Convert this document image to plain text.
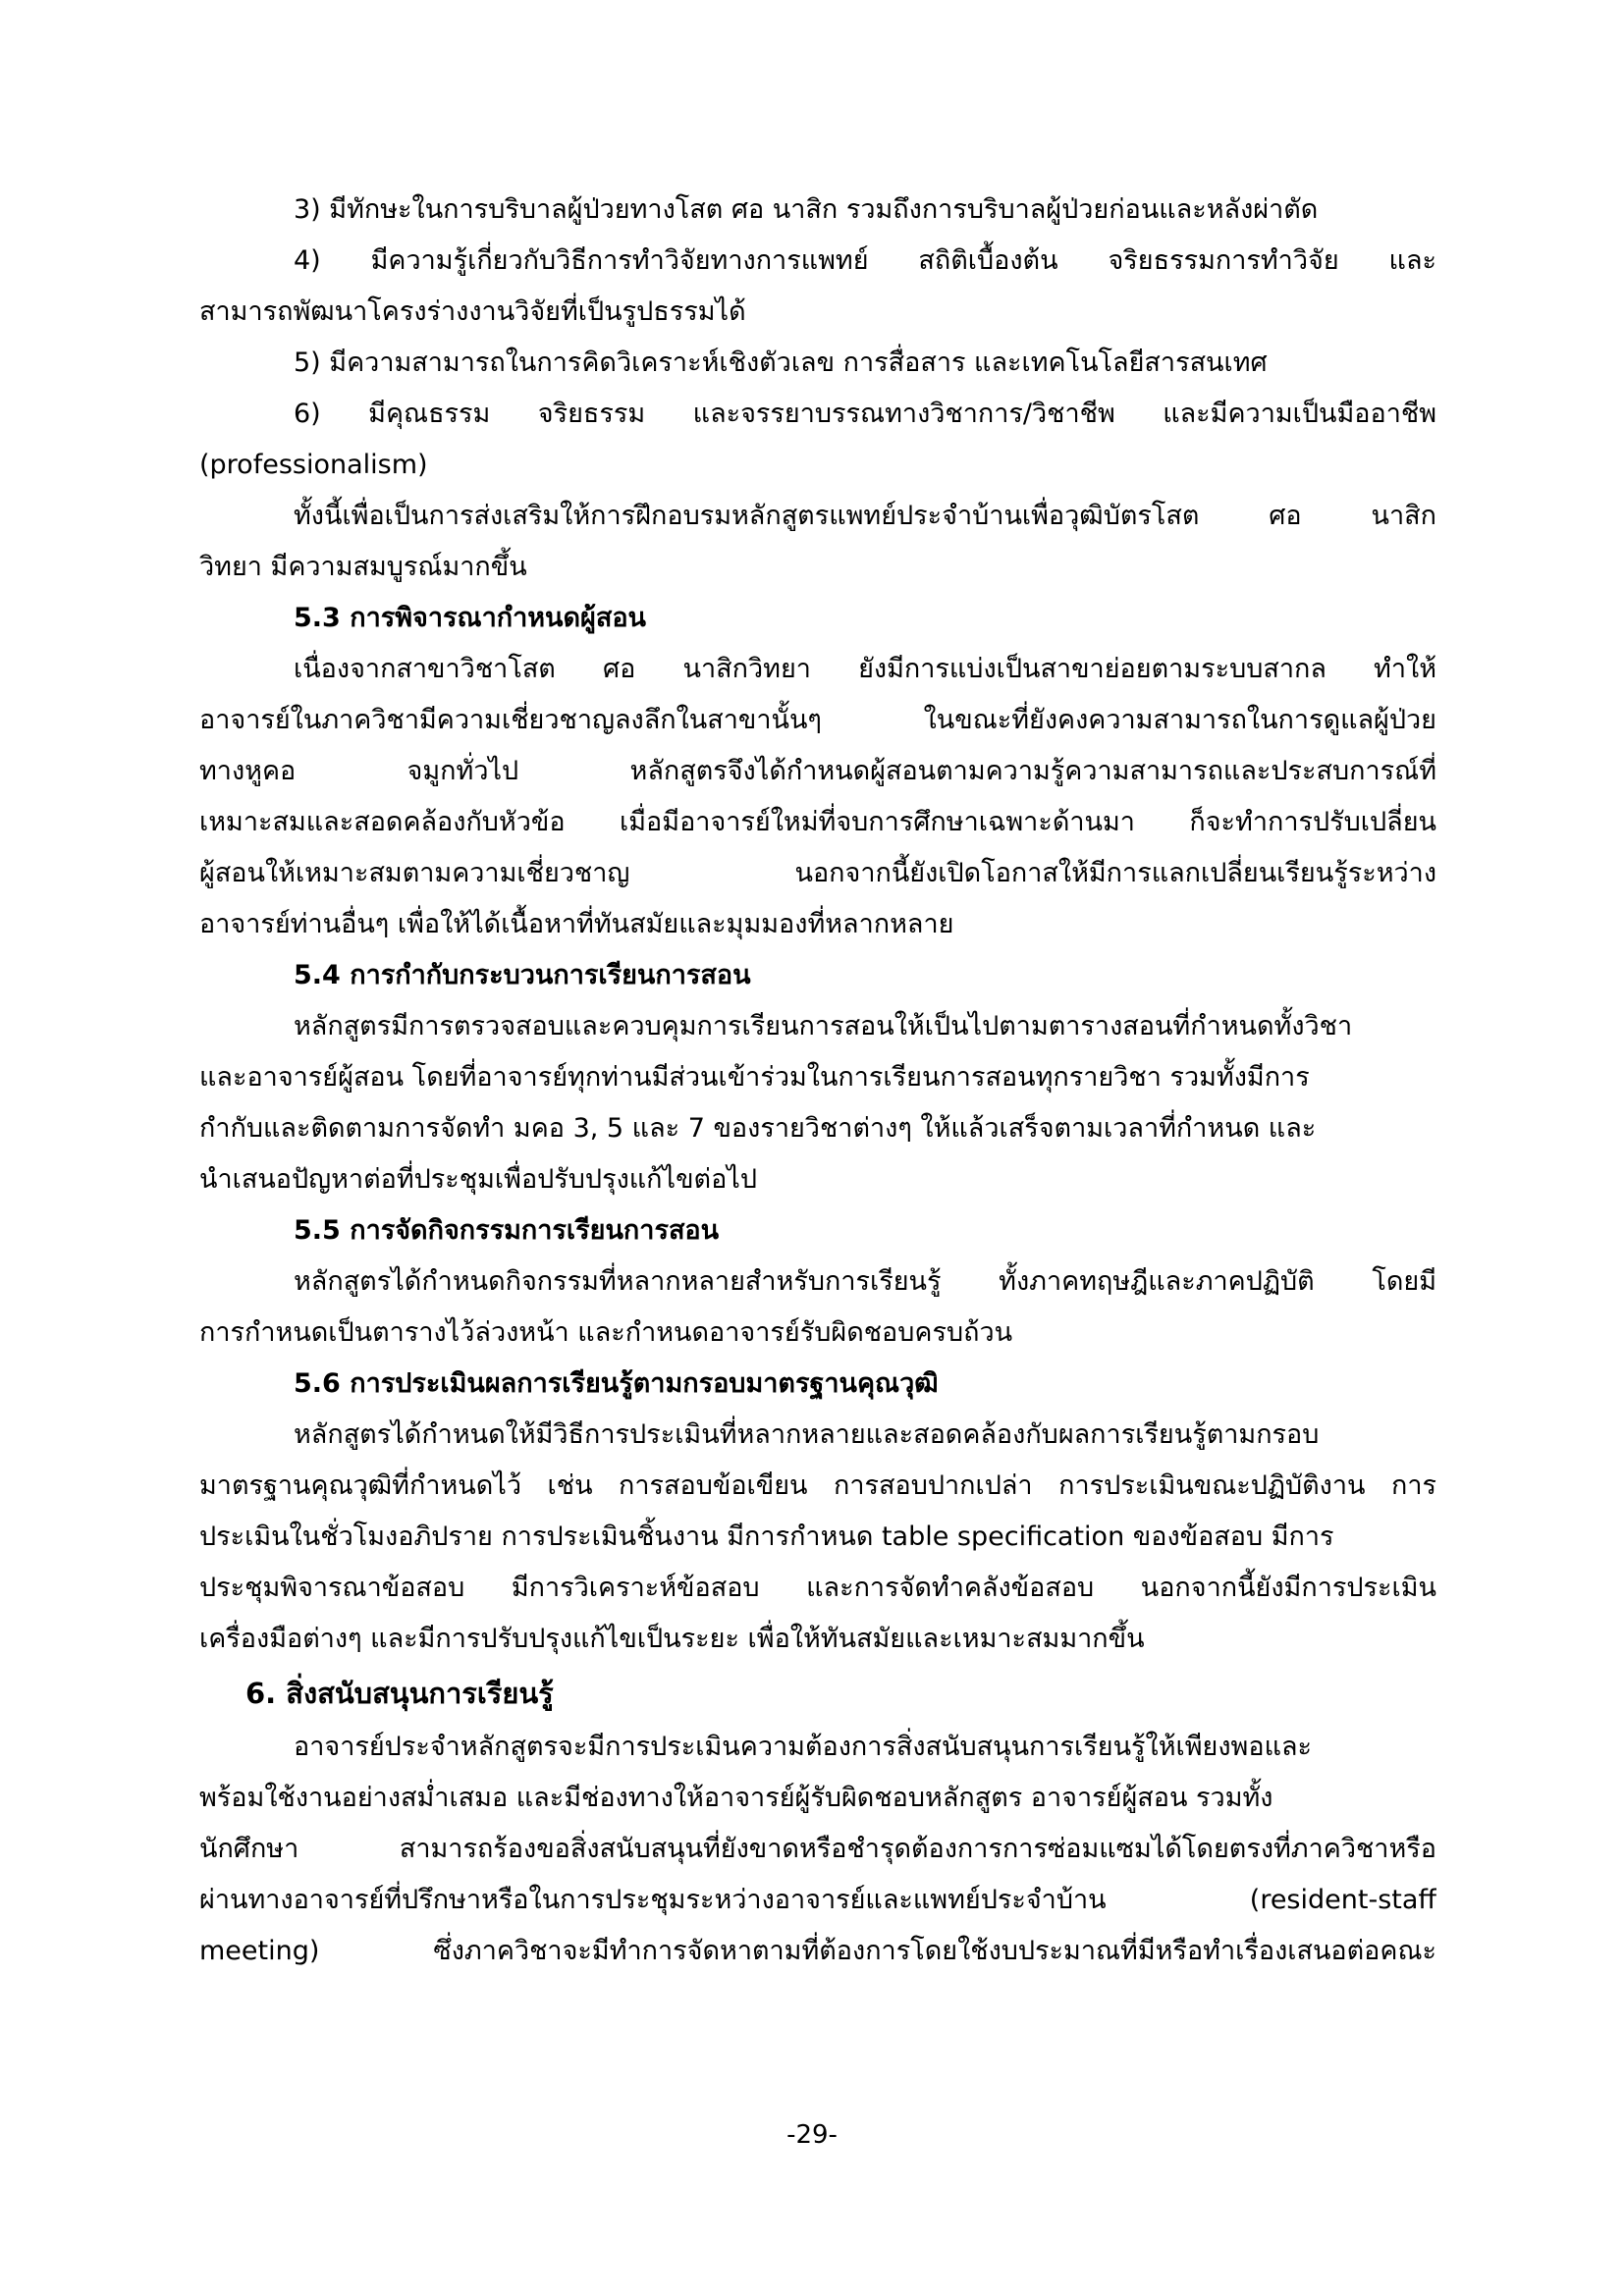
3) มีทักษะในการบริบาลผู้ป่วยทางโสต ศอ นาสิก รวมถึงการบริบาลผู้ป่วยก่อนและหลังผ่าตัด
4) มีความรู้เกี่ยวกับวิธีการทำวิจัยทางการแพทย์ สถิติเบื้องต้น จริยธรรมการทำวิจัย และ
สามารถพัฒนาโครงร่างงานวิจัยที่เป็นรูปธรรมได้
5) มีความสามารถในการคิดวิเคราะห์เชิงตัวเลข การสื่อสาร และเทคโนโลยีสารสนเทศ
6) มีคุณธรรม จริยธรรม และจรรยาบรรณทางวิชาการ/วิชาชีพ และมีความเป็นมืออาชีพ
(professionalism)
ทั้งนี้เพื่อเป็นการส่งเสริมให้การฝึกอบรมหลักสูตรแพทย์ประจำบ้านเพื่อวุฒิบัตรโสต ศอ นาสิก
วิทยา มีความสมบูรณ์มากขึ้น
5.3 การพิจารณากำหนดผู้สอน
เนื่องจากสาขาวิชาโสต ศอ นาสิกวิทยา ยังมีการแบ่งเป็นสาขาย่อยตามระบบสากล ทำให้
อาจารย์ในภาควิชามีความเชี่ยวชาญลงลึกในสาขานั้นๆ ในขณะที่ยังคงความสามารถในการดูแลผู้ป่วย
ทางหูคอ จมูกทั่วไป หลักสูตรจึงได้กำหนดผู้สอนตามความรู้ความสามารถและประสบการณ์ที่
เหมาะสมและสอดคล้องกับหัวข้อ เมื่อมีอาจารย์ใหม่ที่จบการศึกษาเฉพาะด้านมา ก็จะทำการปรับเปลี่ยน
ผู้สอนให้เหมาะสมตามความเชี่ยวชาญ นอกจากนี้ยังเปิดโอกาสให้มีการแลกเปลี่ยนเรียนรู้ระหว่าง
อาจารย์ท่านอื่นๆ เพื่อให้ได้เนื้อหาที่ทันสมัยและมุมมองที่หลากหลาย
5.4 การกำกับกระบวนการเรียนการสอน
หลักสูตรมีการตรวจสอบและควบคุมการเรียนการสอนให้เป็นไปตามตารางสอนที่กำหนดทั้งวิชา
และอาจารย์ผู้สอน โดยที่อาจารย์ทุกท่านมีส่วนเข้าร่วมในการเรียนการสอนทุกรายวิชา รวมทั้งมีการ
กำกับและติดตามการจัดทำ มคอ 3, 5 และ 7 ของรายวิชาต่างๆ ให้แล้วเสร็จตามเวลาที่กำหนด และ
นำเสนอปัญหาต่อที่ประชุมเพื่อปรับปรุงแก้ไขต่อไป
5.5 การจัดกิจกรรมการเรียนการสอน
หลักสูตรได้กำหนดกิจกรรมที่หลากหลายสำหรับการเรียนรู้ ทั้งภาคทฤษฎีและภาคปฏิบัติ โดยมี
การกำหนดเป็นตารางไว้ล่วงหน้า และกำหนดอาจารย์รับผิดชอบครบถ้วน
5.6 การประเมินผลการเรียนรู้ตามกรอบมาตรฐานคุณวุฒิ
หลักสูตรได้กำหนดให้มีวิธีการประเมินที่หลากหลายและสอดคล้องกับผลการเรียนรู้ตามกรอบ
มาตรฐานคุณวุฒิที่กำหนดไว้ เช่น การสอบข้อเขียน การสอบปากเปล่า การประเมินขณะปฏิบัติงาน การ
ประเมินในชั่วโมงอภิปราย การประเมินชิ้นงาน มีการกำหนด table specification ของข้อสอบ มีการ
ประชุมพิจารณาข้อสอบ มีการวิเคราะห์ข้อสอบ และการจัดทำคลังข้อสอบ นอกจากนี้ยังมีการประเมิน
เครื่องมือต่างๆ และมีการปรับปรุงแก้ไขเป็นระยะ เพื่อให้ทันสมัยและเหมาะสมมากขึ้น
6. สิ่งสนับสนุนการเรียนรู้
อาจารย์ประจำหลักสูตรจะมีการประเมินความต้องการสิ่งสนับสนุนการเรียนรู้ให้เพียงพอและ
พร้อมใช้งานอย่างสม่ำเสมอ และมีช่องทางให้อาจารย์ผู้รับผิดชอบหลักสูตร อาจารย์ผู้สอน รวมทั้ง
นักศึกษา สามารถร้องขอสิ่งสนับสนุนที่ยังขาดหรือชำรุดต้องการการซ่อมแซมได้โดยตรงที่ภาควิชาหรือ
ผ่านทางอาจารย์ที่ปรึกษาหรือในการประชุมระหว่างอาจารย์และแพทย์ประจำบ้าน (resident-staff
meeting) ซึ่งภาควิชาจะมีทำการจัดหาตามที่ต้องการโดยใช้งบประมาณที่มีหรือทำเรื่องเสนอต่อคณะ
-29-
